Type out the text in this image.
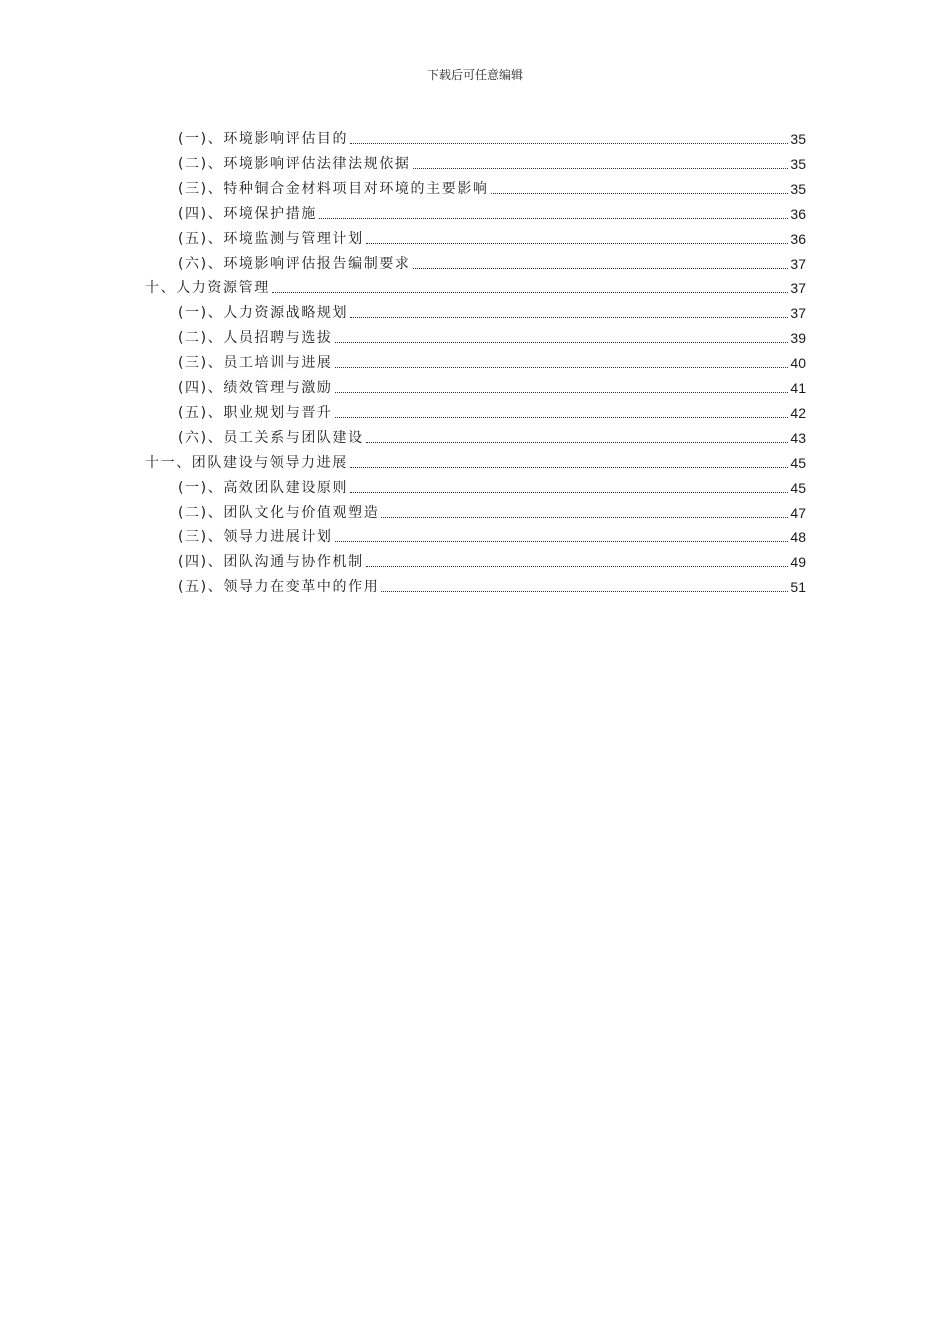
下载后可任意编辑
(一)、环境影响评估目的	35
(二)、环境影响评估法律法规依据	35
(三)、特种铜合金材料项目对环境的主要影响	35
(四)、环境保护措施	36
(五)、环境监测与管理计划	36
(六)、环境影响评估报告编制要求	37
十、人力资源管理	37
(一)、人力资源战略规划	37
(二)、人员招聘与选拔	39
(三)、员工培训与进展	40
(四)、绩效管理与激励	41
(五)、职业规划与晋升	42
(六)、员工关系与团队建设	43
十一、团队建设与领导力进展	45
(一)、高效团队建设原则	45
(二)、团队文化与价值观塑造	47
(三)、领导力进展计划	48
(四)、团队沟通与协作机制	49
(五)、领导力在变革中的作用	51
